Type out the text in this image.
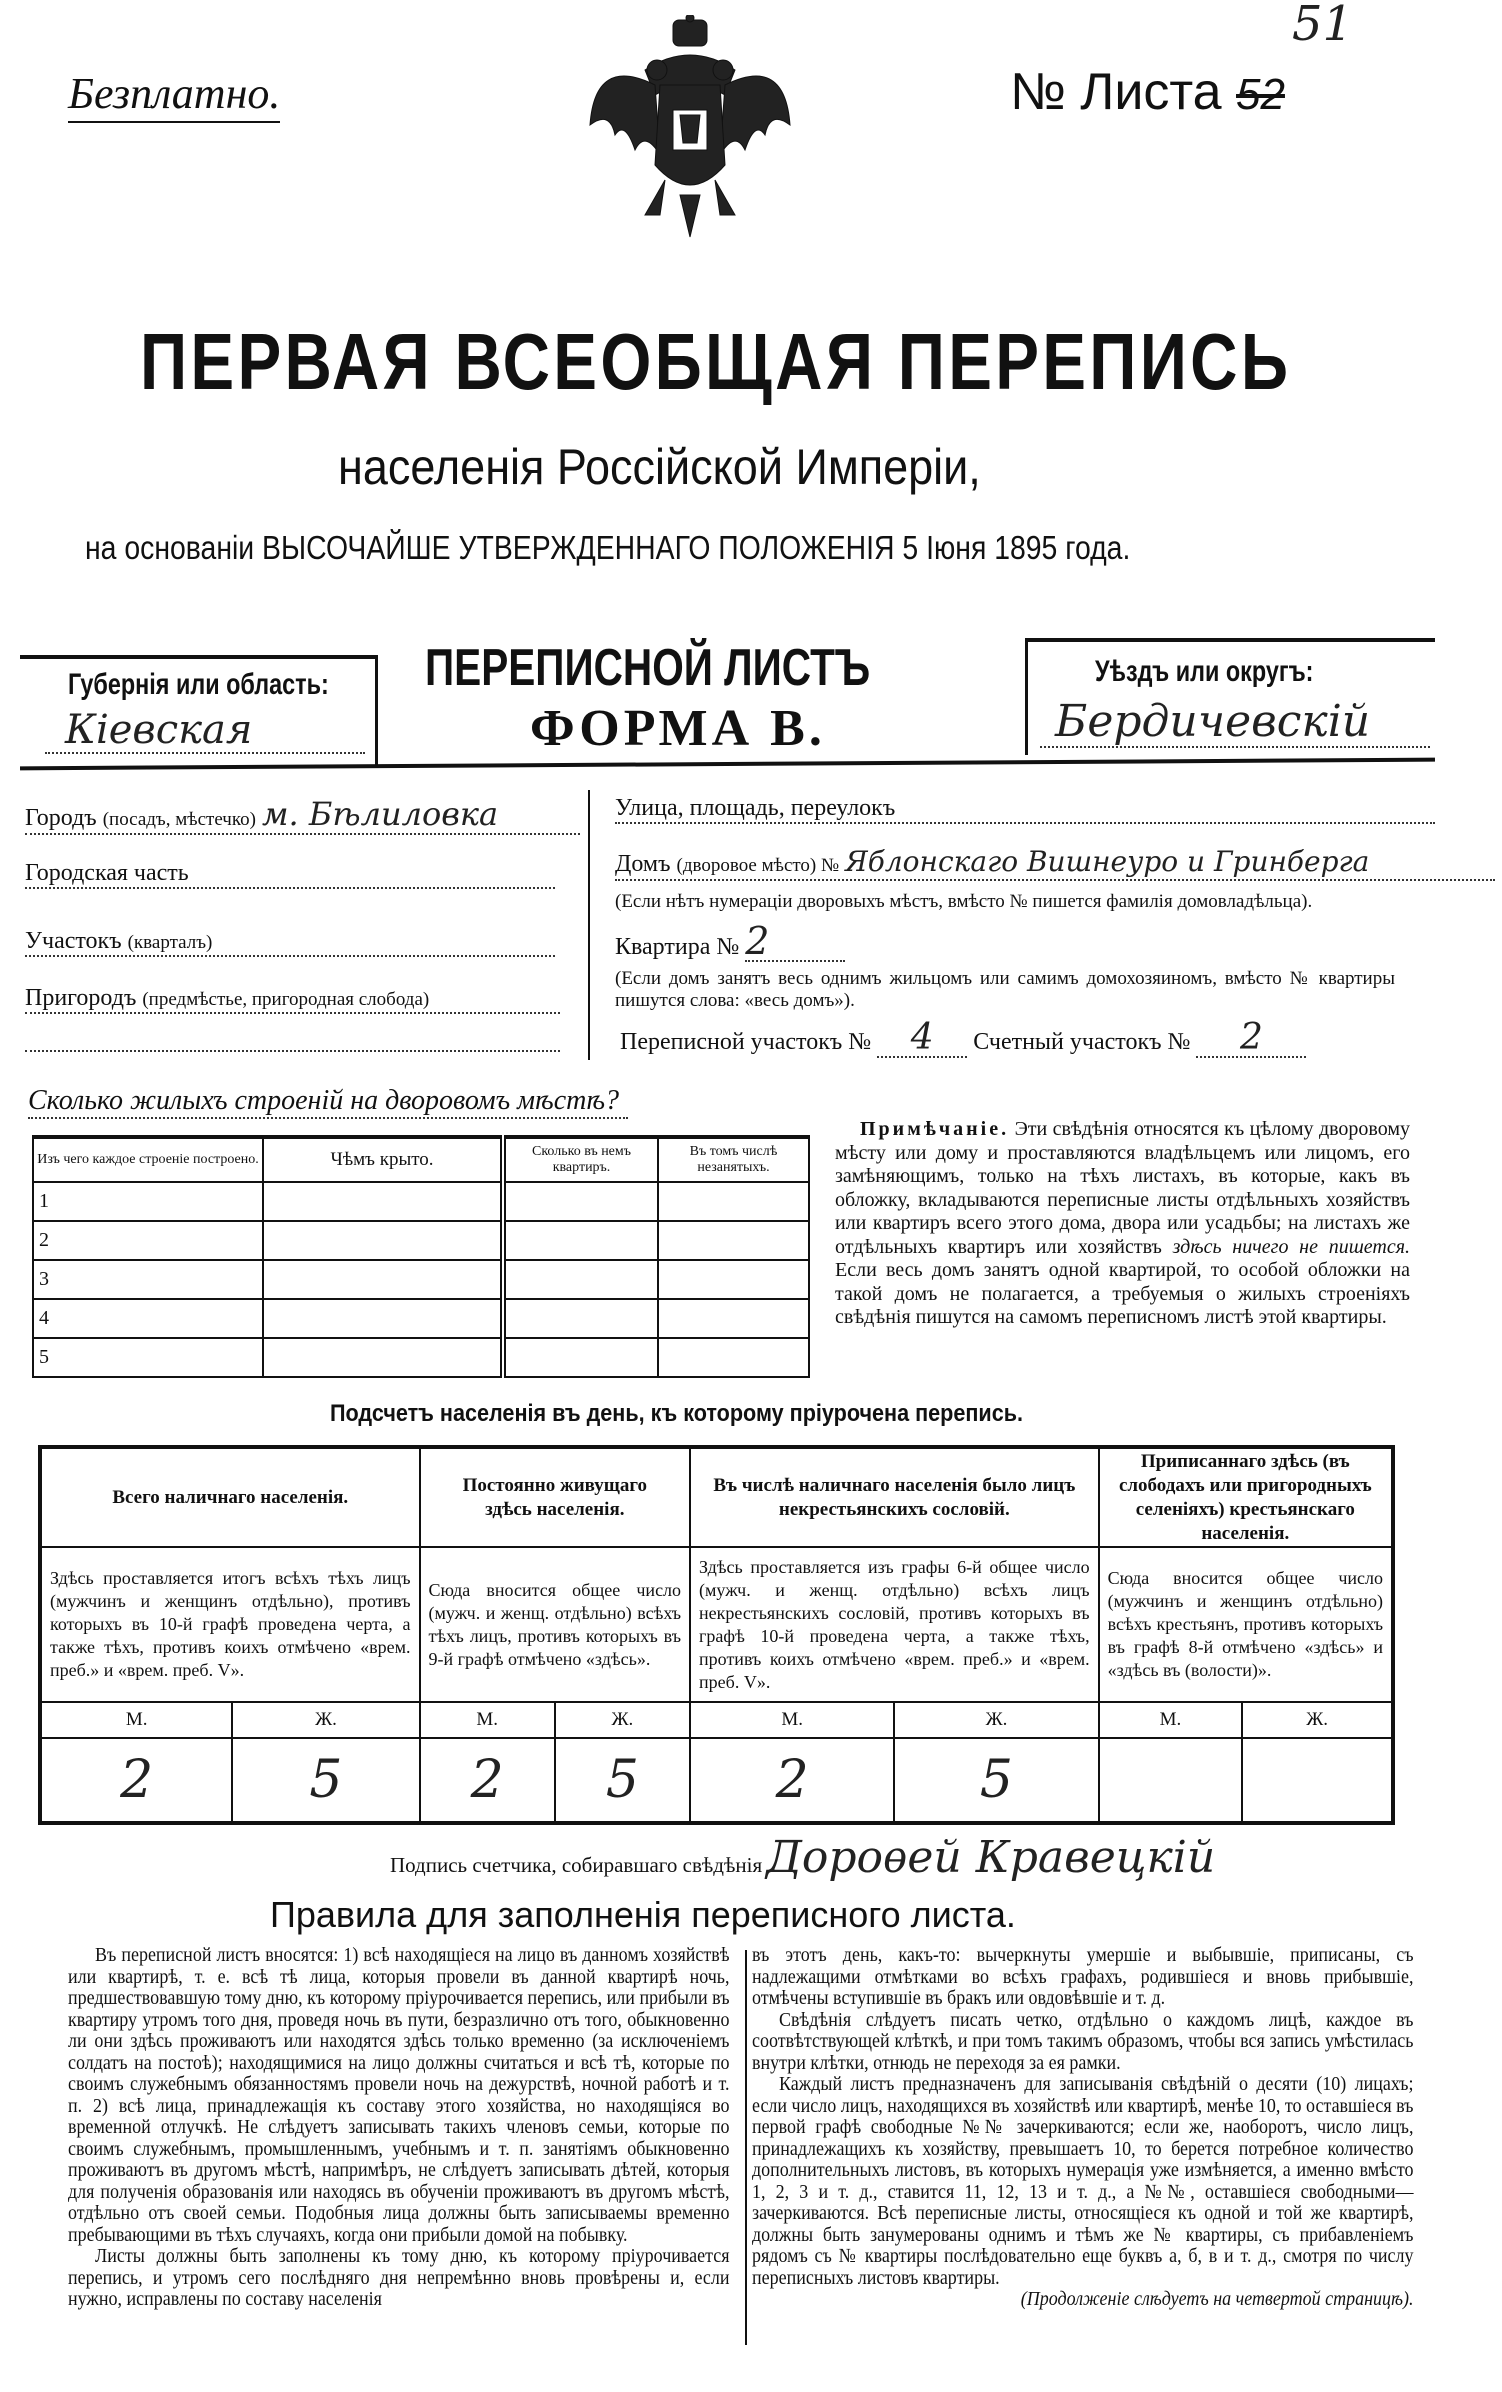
Безплатно.	№ Листа 52
51
ПЕРВАЯ ВСЕОБЩАЯ ПЕРЕПИСЬ
населенія Россійской Имперіи,
на основаніи ВЫСОЧАЙШЕ УТВЕРЖДЕННАГО ПОЛОЖЕНІЯ 5 Іюня 1895 года.
Губернія или область:
Кіевская
ПЕРЕПИСНОЙ ЛИСТЪ
ФОРМА В.
Уѣздъ или округъ:
Бердичевскій
Городъ (посадъ, мѣстечко) м. Бѣлиловка
Городская часть
Участокъ (кварталъ)
Пригородъ (предмѣстье, пригородная слобода)
Улица, площадь, переулокъ
Домъ (дворовое мѣсто) № Яблонскаго Вишнеуро и Гринберга
(Если нѣтъ нумераціи дворовыхъ мѣстъ, вмѣсто № пишется фамилія домовладѣльца).
Квартира № 2
(Если домъ занятъ весь однимъ жильцомъ или самимъ домохозяиномъ, вмѣсто № квартиры пишутся слова: «весь домъ»).
Переписной участокъ № 4 Счетный участокъ № 2
Сколько жилыхъ строеній на дворовомъ мѣстѣ?
Изъ чего каждое строеніе построено.	Чѣмъ крыто.	Сколько въ немъ квартиръ.	Въ томъ числѣ незанятыхъ.
1			
2			
3			
4			
5			
Примѣчаніе. Эти свѣдѣнія относятся къ цѣлому дворовому мѣсту или дому и проставляются владѣльцемъ или лицомъ, его замѣняющимъ, только на тѣхъ листахъ, въ которые, какъ въ обложку, вкладываются переписные листы отдѣльныхъ хозяйствъ или квартиръ всего этого дома, двора или усадьбы; на листахъ же отдѣльныхъ квартиръ или хозяйствъ здѣсь ничего не пишется. Если весь домъ занятъ одной квартирой, то особой обложки на такой домъ не полагается, а требуемыя о жилыхъ строеніяхъ свѣдѣнія пишутся на самомъ переписномъ листѣ этой квартиры.
Подсчетъ населенія въ день, къ которому пріурочена перепись.
Всего наличнаго населенія.		Постоянно живущаго здѣсь населенія.		Въ числѣ наличнаго населенія было лицъ некрестьянскихъ сословій.		Приписаннаго здѣсь (въ слободахъ или пригородныхъ селеніяхъ) крестьянскаго населенія.	
Здѣсь проставляется итогъ всѣхъ тѣхъ лицъ (мужчинъ и женщинъ отдѣльно), противъ которыхъ въ 10-й графѣ проведена черта, а также тѣхъ, противъ коихъ отмѣчено «врем. преб.» и «врем. преб. V».		Сюда вносится общее число (мужч. и женщ. отдѣльно) всѣхъ тѣхъ лицъ, противъ которыхъ въ 9-й графѣ отмѣчено «здѣсь».		Здѣсь проставляется изъ графы 6-й общее число (мужч. и женщ. отдѣльно) всѣхъ лицъ некрестьянскихъ сословій, противъ которыхъ въ графѣ 10-й проведена черта, а также тѣхъ, противъ коихъ отмѣчено «врем. преб.» и «врем. преб. V».		Сюда вносится общее число (мужчинъ и женщинъ отдѣльно) всѣхъ крестьянъ, противъ которыхъ въ графѣ 8-й отмѣчено «здѣсь» и «здѣсь въ (волости)».	
М.	Ж.	М.	Ж.	М.	Ж.	М.	Ж.
2	5	2	5	2	5		
Подпись счетчика, собиравшаго свѣдѣнія Дороѳей Кравецкій
Правила для заполненія переписного листа.

Въ переписной листъ вносятся: 1) всѣ находящіеся на лицо въ данномъ хозяйствѣ или квартирѣ, т. е. всѣ тѣ лица, которыя провели въ данной квартирѣ ночь, предшествовавшую тому дню, къ которому пріурочивается перепись, или прибыли въ квартиру утромъ того дня, проведя ночь въ пути, безразлично отъ того, обыкновенно ли они здѣсь проживаютъ или находятся здѣсь только временно (за исключеніемъ солдатъ на постоѣ); находящимися на лицо должны считаться и всѣ тѣ, которые по своимъ служебнымъ обязанностямъ провели ночь на дежурствѣ, ночной работѣ и т. п. 2) всѣ лица, принадлежащія къ составу этого хозяйства, но находящіяся во временной отлучкѣ. Не слѣдуетъ записывать такихъ членовъ семьи, которые по своимъ служебнымъ, промышленнымъ, учебнымъ и т. п. занятіямъ обыкновенно проживаютъ въ другомъ мѣстѣ, напримѣръ, не слѣдуетъ записывать дѣтей, которыя для полученія образованія или находясь въ обученіи проживаютъ въ другомъ мѣстѣ, отдѣльно отъ своей семьи. Подобныя лица должны быть записываемы временно пребывающими въ тѣхъ случаяхъ, когда они прибыли домой на побывку.

Листы должны быть заполнены къ тому дню, къ которому пріурочивается перепись, и утромъ сего послѣдняго дня непремѣнно вновь провѣрены и, если нужно, исправлены по составу населенія

въ этотъ день, какъ-то: вычеркнуты умершіе и выбывшіе, приписаны, съ надлежащими отмѣтками во всѣхъ графахъ, родившіеся и вновь прибывшіе, отмѣчены вступившіе въ бракъ или овдовѣвшіе и т. д.

Свѣдѣнія слѣдуетъ писать четко, отдѣльно о каждомъ лицѣ, каждое въ соотвѣтствующей клѣткѣ, и при томъ такимъ образомъ, чтобы вся запись умѣстилась внутри клѣтки, отнюдь не переходя за ея рамки.

Каждый листъ предназначенъ для записыванія свѣдѣній о десяти (10) лицахъ; если число лицъ, находящихся въ хозяйствѣ или квартирѣ, менѣе 10, то оставшіеся въ первой графѣ свободные №№ зачеркиваются; если же, наоборотъ, число лицъ, принадлежащихъ къ хозяйству, превышаетъ 10, то берется потребное количество дополнительныхъ листовъ, въ которыхъ нумерація уже измѣняется, а именно вмѣсто 1, 2, 3 и т. д., ставится 11, 12, 13 и т. д., а №№, оставшіеся свободными—зачеркиваются. Всѣ переписные листы, относящіеся къ одной и той же квартирѣ, должны быть занумерованы однимъ и тѣмъ же № квартиры, съ прибавленіемъ рядомъ съ № квартиры послѣдовательно еще буквъ а, б, в и т. д., смотря по числу переписныхъ листовъ квартиры.

(Продолженіе слѣдуетъ на четвертой страницѣ).
